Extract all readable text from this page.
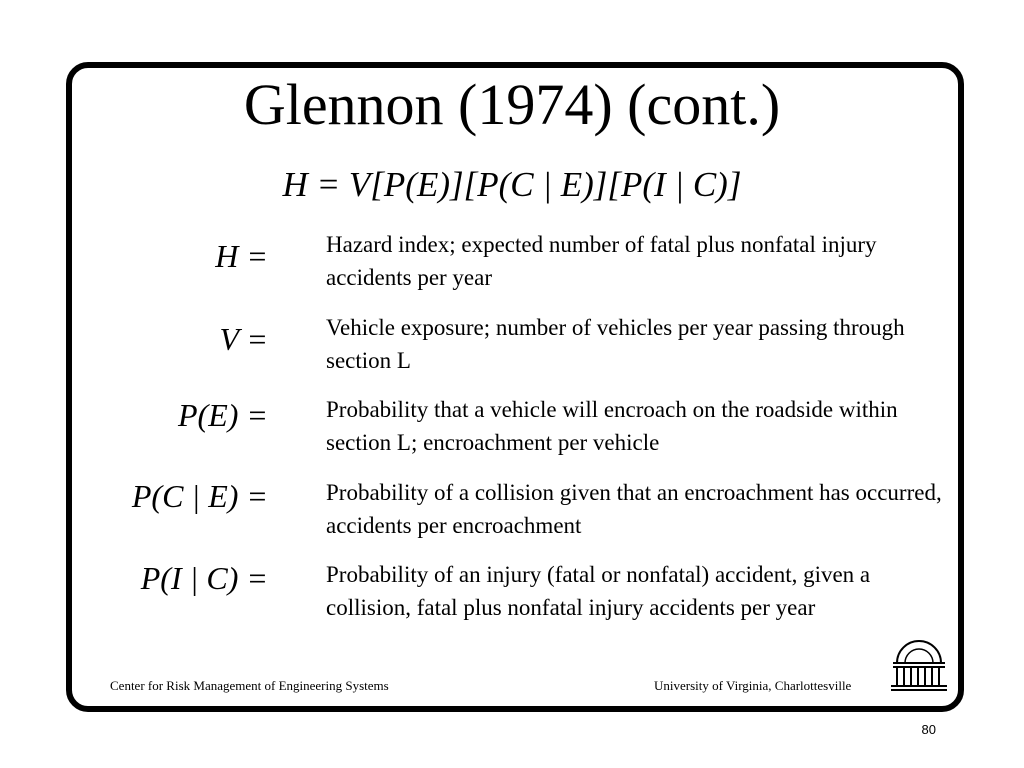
Glennon (1974) (cont.)
H = V[P(E)][P(C | E)][P(I | C)]
H =	Hazard index; expected number of fatal plus nonfatal injury accidents per year
V =	Vehicle exposure; number of vehicles per year passing through section L
P(E) =	Probability that a vehicle will encroach on the roadside within section L; encroachment per vehicle
P(C | E) =	Probability of a collision given that an encroachment has occurred, accidents per encroachment
P(I | C) =	Probability of an injury (fatal or nonfatal) accident, given a collision, fatal plus nonfatal injury accidents per year
Center for Risk Management of Engineering Systems	University of Virginia, Charlottesville
80
